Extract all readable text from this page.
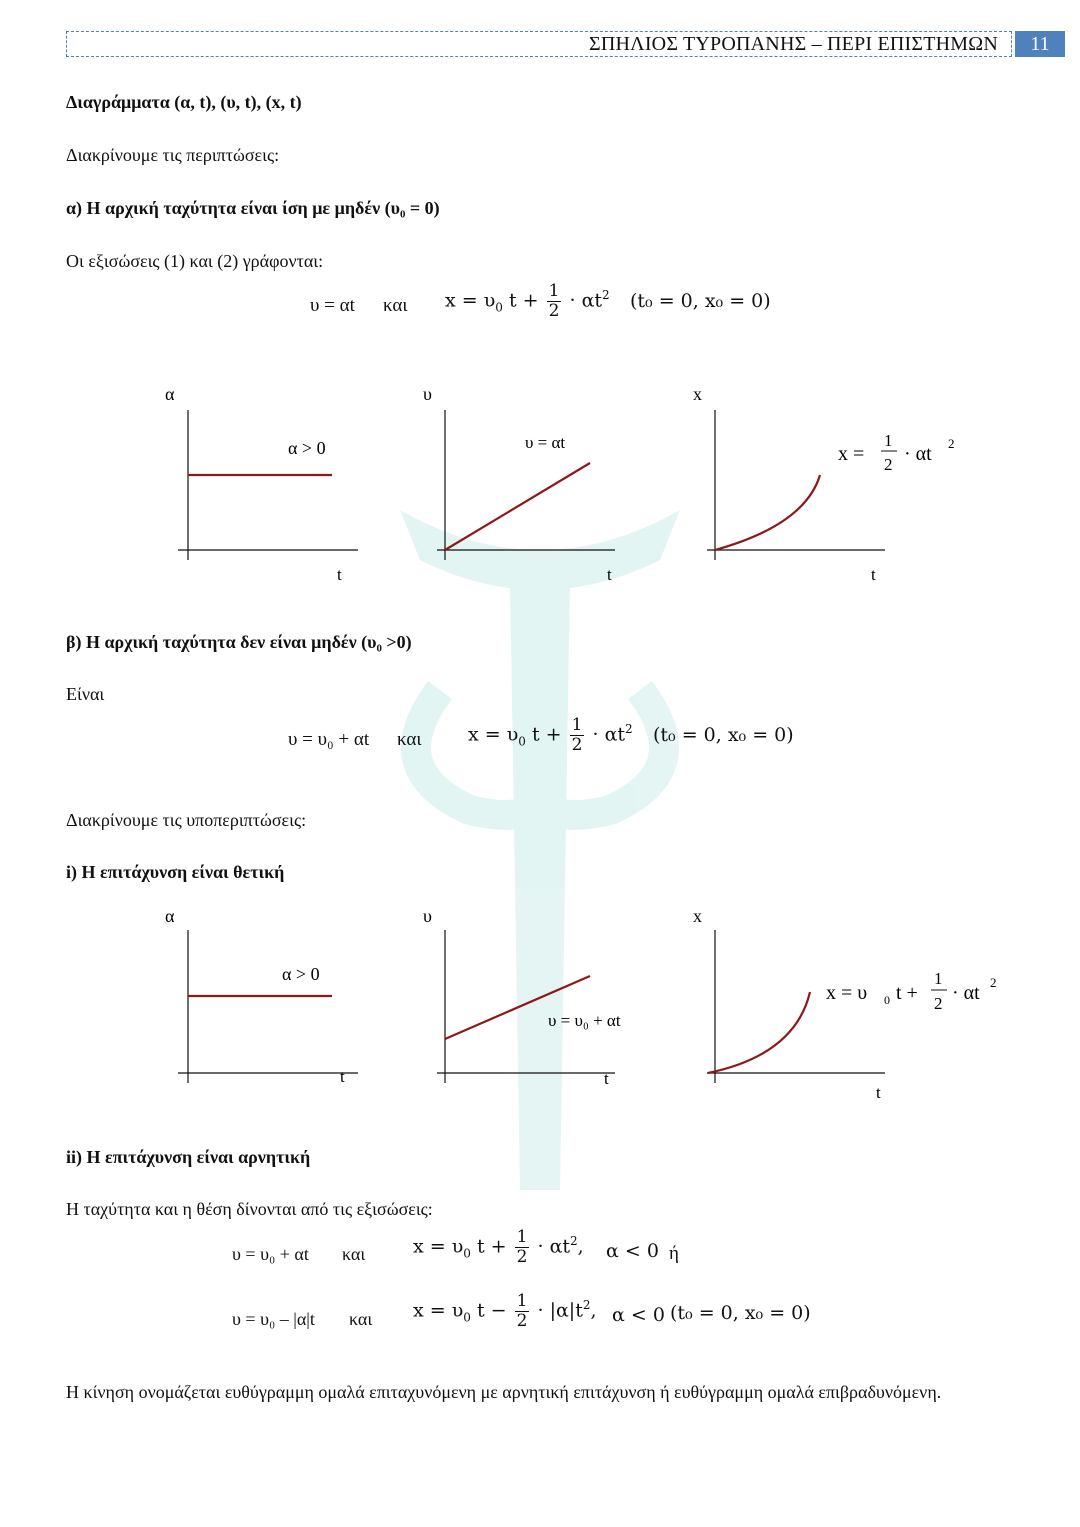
ΣΠΗΛΙΟΣ ΤΥΡΟΠΑΝΗΣ – ΠΕΡΙ ΕΠΙΣΤΗΜΩΝ	11
Διαγράμματα (α, t), (υ, t), (x, t)
Διακρίνουμε τις περιπτώσεις:
α) Η αρχική ταχύτητα είναι ίση με μηδέν (υ₀ = 0)
Οι εξισώσεις (1) και (2) γράφονται:
υ = αt και $x = \upsilon_0$ $t + \frac{1}{2} \cdot \alpha t^2$ (t₀ = 0, x₀ = 0)
α
t
α > 0
υ
t
υ = αt
x
t
x =
1
2 · αt 2
β) Η αρχική ταχύτητα δεν είναι μηδέν (υ₀ >0)
Είναι
υ = υ₀ + αt και $x = \upsilon_0$ $t + \frac{1}{2} \cdot \alpha t^2$ (t₀ = 0, x₀ = 0)
Διακρίνουμε τις υποπεριπτώσεις:
i) Η επιτάχυνση είναι θετική
α
t
α > 0
υ
t
υ = υ₀ + αt
x
t
x = υ 0 t +
1
2 · αt 2
ii) Η επιτάχυνση είναι αρνητική
Η ταχύτητα και η θέση δίνονται από τις εξισώσεις:
υ = υ₀ + αt και	$x = \upsilon_0$ $t + \frac{1}{2} \cdot \alpha t^2$, α < 0 ή
υ = υ₀ – |α|t και $x = \upsilon_0$ $t - \frac{1}{2} \cdot |\alpha|t^2$, α < 0 (t₀ = 0, x₀ = 0)
Η κίνηση ονομάζεται ευθύγραμμη ομαλά επιταχυνόμενη με αρνητική επιτάχυνση ή ευθύγραμμη ομαλά επιβραδυνόμενη.
